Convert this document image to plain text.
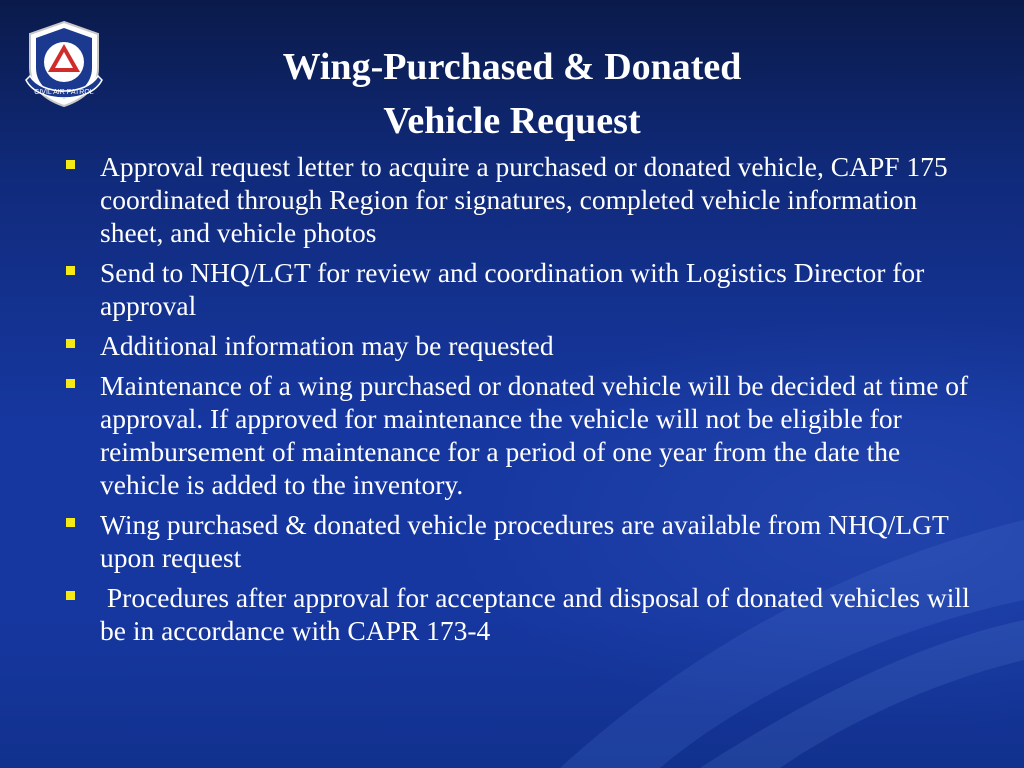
CIVIL AIR PATROL
Wing-Purchased & Donated
Vehicle Request
Approval request letter to acquire a purchased or donated vehicle, CAPF 175 coordinated through Region for signatures, completed vehicle information sheet, and vehicle photos
Send to NHQ/LGT for review and coordination with Logistics Director for approval
Additional information may be requested
Maintenance of a wing purchased or donated vehicle will be decided at time of approval. If approved for maintenance the vehicle will not be eligible for reimbursement of maintenance for a period of one year from the date the vehicle is added to the inventory.
Wing purchased & donated vehicle procedures are available from NHQ/LGT upon request
Procedures after approval for acceptance and disposal of donated vehicles will be in accordance with CAPR 173-4
